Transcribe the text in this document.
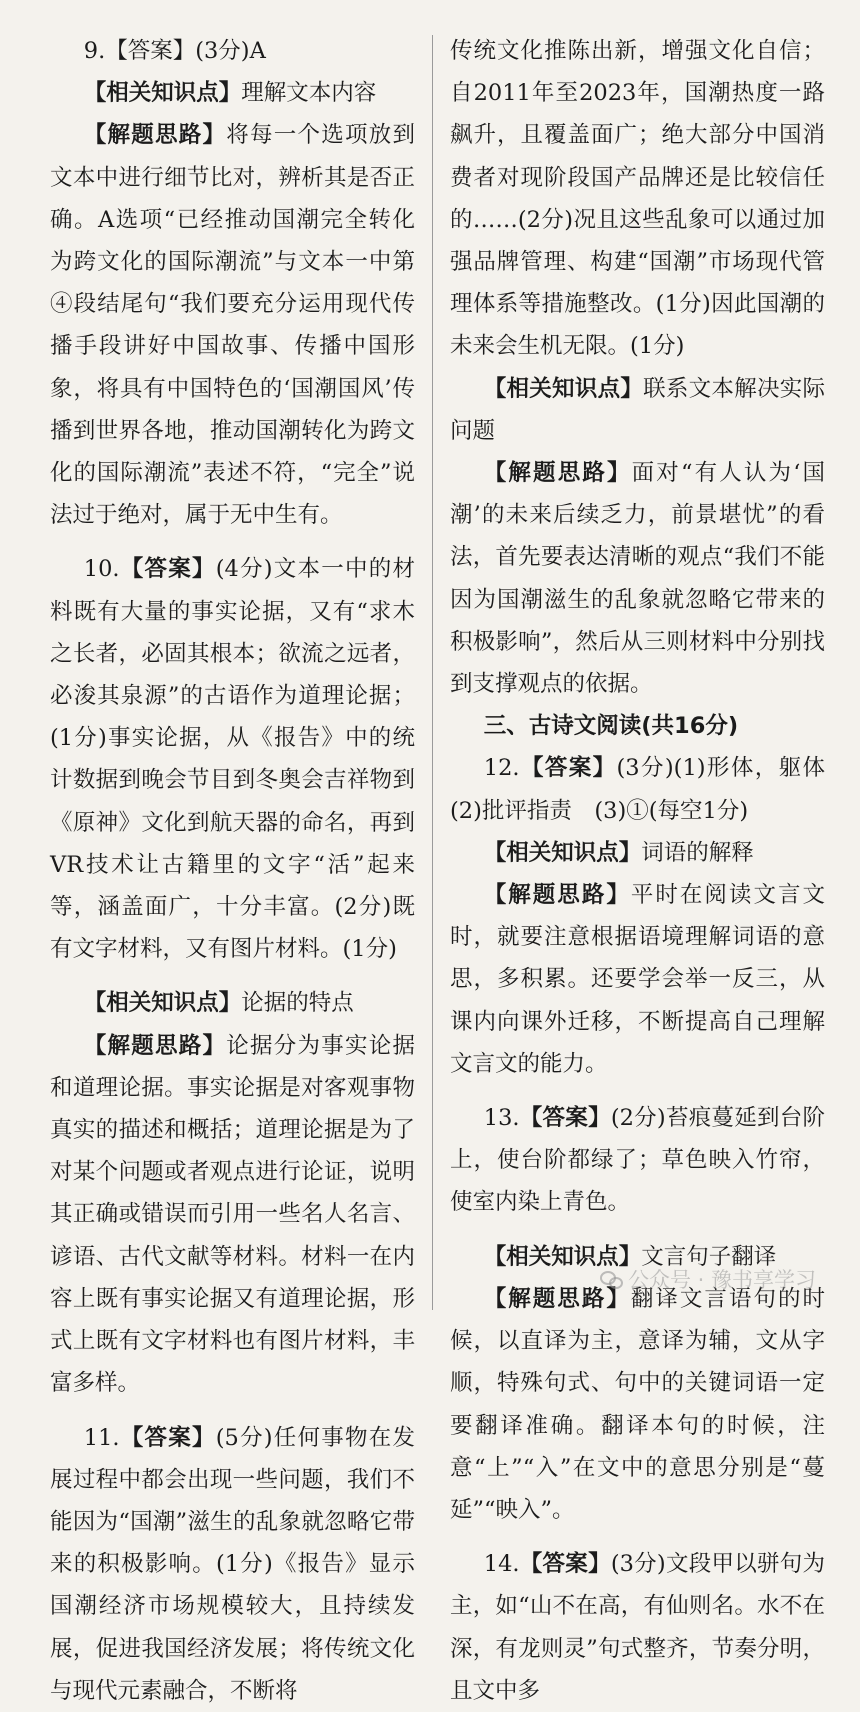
9.【答案】(3分)A

【相关知识点】理解文本内容

【解题思路】将每一个选项放到文本中进行细节比对，辨析其是否正确。A选项“已经推动国潮完全转化为跨文化的国际潮流”与文本一中第④段结尾句“我们要充分运用现代传播手段讲好中国故事、传播中国形象，将具有中国特色的‘国潮国风’传播到世界各地，推动国潮转化为跨文化的国际潮流”表述不符，“完全”说法过于绝对，属于无中生有。

10.【答案】(4分)文本一中的材料既有大量的事实论据，又有“求木之长者，必固其根本；欲流之远者，必浚其泉源”的古语作为道理论据；(1分)事实论据，从《报告》中的统计数据到晚会节目到冬奥会吉祥物到《原神》文化到航天器的命名，再到VR技术让古籍里的文字“活”起来等，涵盖面广，十分丰富。(2分)既有文字材料，又有图片材料。(1分)

【相关知识点】论据的特点

【解题思路】论据分为事实论据和道理论据。事实论据是对客观事物真实的描述和概括；道理论据是为了对某个问题或者观点进行论证，说明其正确或错误而引用一些名人名言、谚语、古代文献等材料。材料一在内容上既有事实论据又有道理论据，形式上既有文字材料也有图片材料，丰富多样。

11.【答案】(5分)任何事物在发展过程中都会出现一些问题，我们不能因为“国潮”滋生的乱象就忽略它带来的积极影响。(1分)《报告》显示国潮经济市场规模较大，且持续发展，促进我国经济发展；将传统文化与现代元素融合，不断将

传统文化推陈出新，增强文化自信；自2011年至2023年，国潮热度一路飙升，且覆盖面广；绝大部分中国消费者对现阶段国产品牌还是比较信任的……(2分)况且这些乱象可以通过加强品牌管理、构建“国潮”市场现代管理体系等措施整改。(1分)因此国潮的未来会生机无限。(1分)

【相关知识点】联系文本解决实际问题

【解题思路】面对“有人认为‘国潮’的未来后续乏力，前景堪忧”的看法，首先要表达清晰的观点“我们不能因为国潮滋生的乱象就忽略它带来的积极影响”，然后从三则材料中分别找到支撑观点的依据。

三、古诗文阅读(共16分)

12.【答案】(3分)(1)形体，躯体(2)批评指责　(3)①(每空1分)

【相关知识点】词语的解释

【解题思路】平时在阅读文言文时，就要注意根据语境理解词语的意思，多积累。还要学会举一反三，从课内向课外迁移，不断提高自己理解文言文的能力。

13.【答案】(2分)苔痕蔓延到台阶上，使台阶都绿了；草色映入竹帘，使室内染上青色。

【相关知识点】文言句子翻译

【解题思路】翻译文言语句的时候，以直译为主，意译为辅，文从字顺，特殊句式、句中的关键词语一定要翻译准确。翻译本句的时候，注意“上”“入”在文中的意思分别是“蔓延”“映入”。

14.【答案】(3分)文段甲以骈句为主，如“山不在高，有仙则名。水不在深，有龙则灵”句式整齐，节奏分明，且文中多

公众号 · 豫书享学习
